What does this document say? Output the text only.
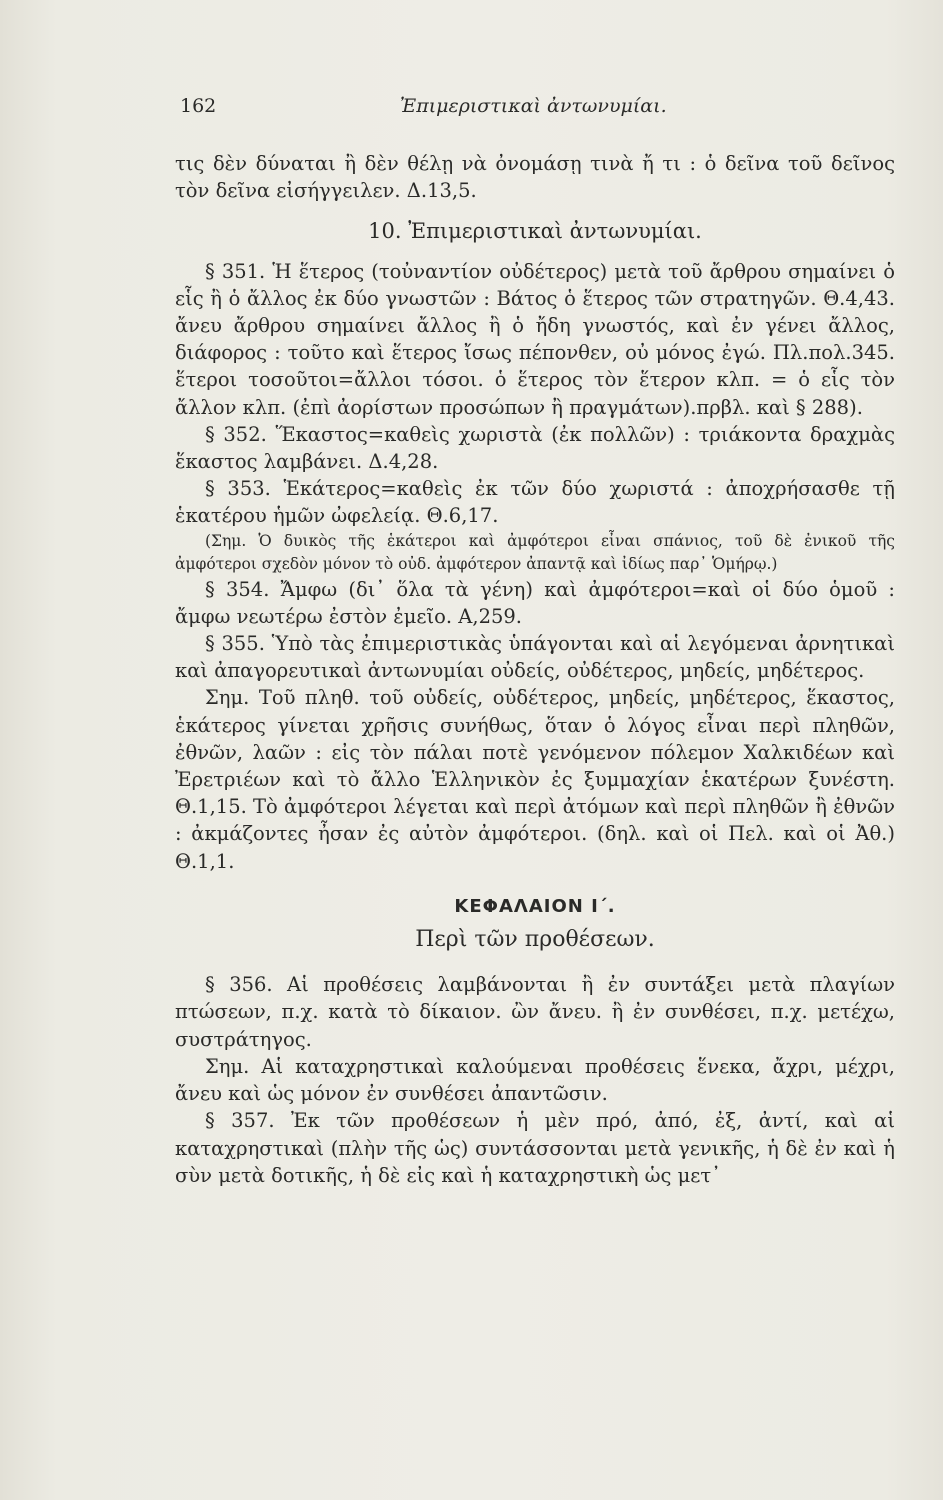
162	Ἐπιμεριστικαὶ ἀντωνυμίαι.

τις δὲν δύναται ἢ δὲν θέλῃ νὰ ὀνομάσῃ τινὰ ἤ τι : ὁ δεῖνα τοῦ δεῖνος τὸν δεῖνα εἰσήγγειλεν. Δ.13,5.

10. Ἐπιμεριστικαὶ ἀντωνυμίαι.

§ 351. Ἡ ἕτερος (τοὐναντίον οὐδέτερος) μετὰ τοῦ ἄρθρου σημαίνει ὁ εἷς ἢ ὁ ἄλλος ἐκ δύο γνωστῶν : Βάτος ὁ ἕτερος τῶν στρατηγῶν. Θ.4,43. ἄνευ ἄρθρου σημαίνει ἄλλος ἢ ὁ ἤδη γνωστός, καὶ ἐν γένει ἄλλος, διάφορος : τοῦτο καὶ ἕτερος ἴσως πέπονθεν, οὐ μόνος ἐγώ. Πλ.πολ.345. ἕτεροι τοσοῦτοι=ἄλλοι τόσοι. ὁ ἕτερος τὸν ἕτερον κλπ. = ὁ εἷς τὸν ἄλλον κλπ. (ἐπὶ ἀορίστων προσώπων ἢ πραγμάτων).πρβλ. καὶ § 288).

§ 352. Ἕκαστος=καθεὶς χωριστὰ (ἐκ πολλῶν) : τριάκοντα δραχμὰς ἕκαστος λαμβάνει. Δ.4,28.

§ 353. Ἑκάτερος=καθεὶς ἐκ τῶν δύο χωριστά : ἀποχρήσασθε τῇ ἑκατέρου ἡμῶν ὠφελείᾳ. Θ.6,17.

(Σημ. Ὁ δυικὸς τῆς ἑκάτεροι καὶ ἀμφότεροι εἶναι σπάνιος, τοῦ δὲ ἐνικοῦ τῆς ἀμφότεροι σχεδὸν μόνον τὸ οὐδ. ἀμφότερον ἀπαντᾷ καὶ ἰδίως παρ᾽ Ὁμήρῳ.)

§ 354. Ἄμφω (δι᾽ ὅλα τὰ γένη) καὶ ἀμφότεροι=καὶ οἱ δύο ὁμοῦ : ἄμφω νεωτέρω ἐστὸν ἐμεῖο. Α,259.

§ 355. Ὑπὸ τὰς ἐπιμεριστικὰς ὑπάγονται καὶ αἱ λεγόμεναι ἀρνητικαὶ καὶ ἀπαγορευτικαὶ ἀντωνυμίαι οὐδείς, οὐδέτερος, μηδείς, μηδέτερος.

Σημ. Τοῦ πληθ. τοῦ οὐδείς, οὐδέτερος, μηδείς, μηδέτερος, ἕκαστος, ἑκάτερος γίνεται χρῆσις συνήθως, ὅταν ὁ λόγος εἶναι περὶ πληθῶν, ἐθνῶν, λαῶν : εἰς τὸν πάλαι ποτὲ γενόμενον πόλεμον Χαλκιδέων καὶ Ἐρετριέων καὶ τὸ ἄλλο Ἑλληνικὸν ἐς ξυμμαχίαν ἑκατέρων ξυνέστη. Θ.1,15. Τὸ ἀμφότεροι λέγεται καὶ περὶ ἀτόμων καὶ περὶ πληθῶν ἢ ἐθνῶν : ἀκμάζοντες ἦσαν ἐς αὐτὸν ἀμφότεροι. (δηλ. καὶ οἱ Πελ. καὶ οἱ Ἀθ.) Θ.1,1.

ΚΕΦΑΛΑΙΟΝ Ι΄.

Περὶ τῶν προθέσεων.

§ 356. Αἱ προθέσεις λαμβάνονται ἢ ἐν συντάξει μετὰ πλαγίων πτώσεων, π.χ. κατὰ τὸ δίκαιον. ὢν ἄνευ. ἢ ἐν συνθέσει, π.χ. μετέχω, συστράτηγος.

Σημ. Αἱ καταχρηστικαὶ καλούμεναι προθέσεις ἕνεκα, ἄχρι, μέχρι, ἄνευ καὶ ὡς μόνον ἐν συνθέσει ἀπαντῶσιν.

§ 357. Ἐκ τῶν προθέσεων ἡ μὲν πρό, ἀπό, ἐξ, ἀντί, καὶ αἱ καταχρηστικαὶ (πλὴν τῆς ὡς) συντάσσονται μετὰ γενικῆς, ἡ δὲ ἐν καὶ ἡ σὺν μετὰ δοτικῆς, ἡ δὲ εἰς καὶ ἡ καταχρηστικὴ ὡς μετ᾽
